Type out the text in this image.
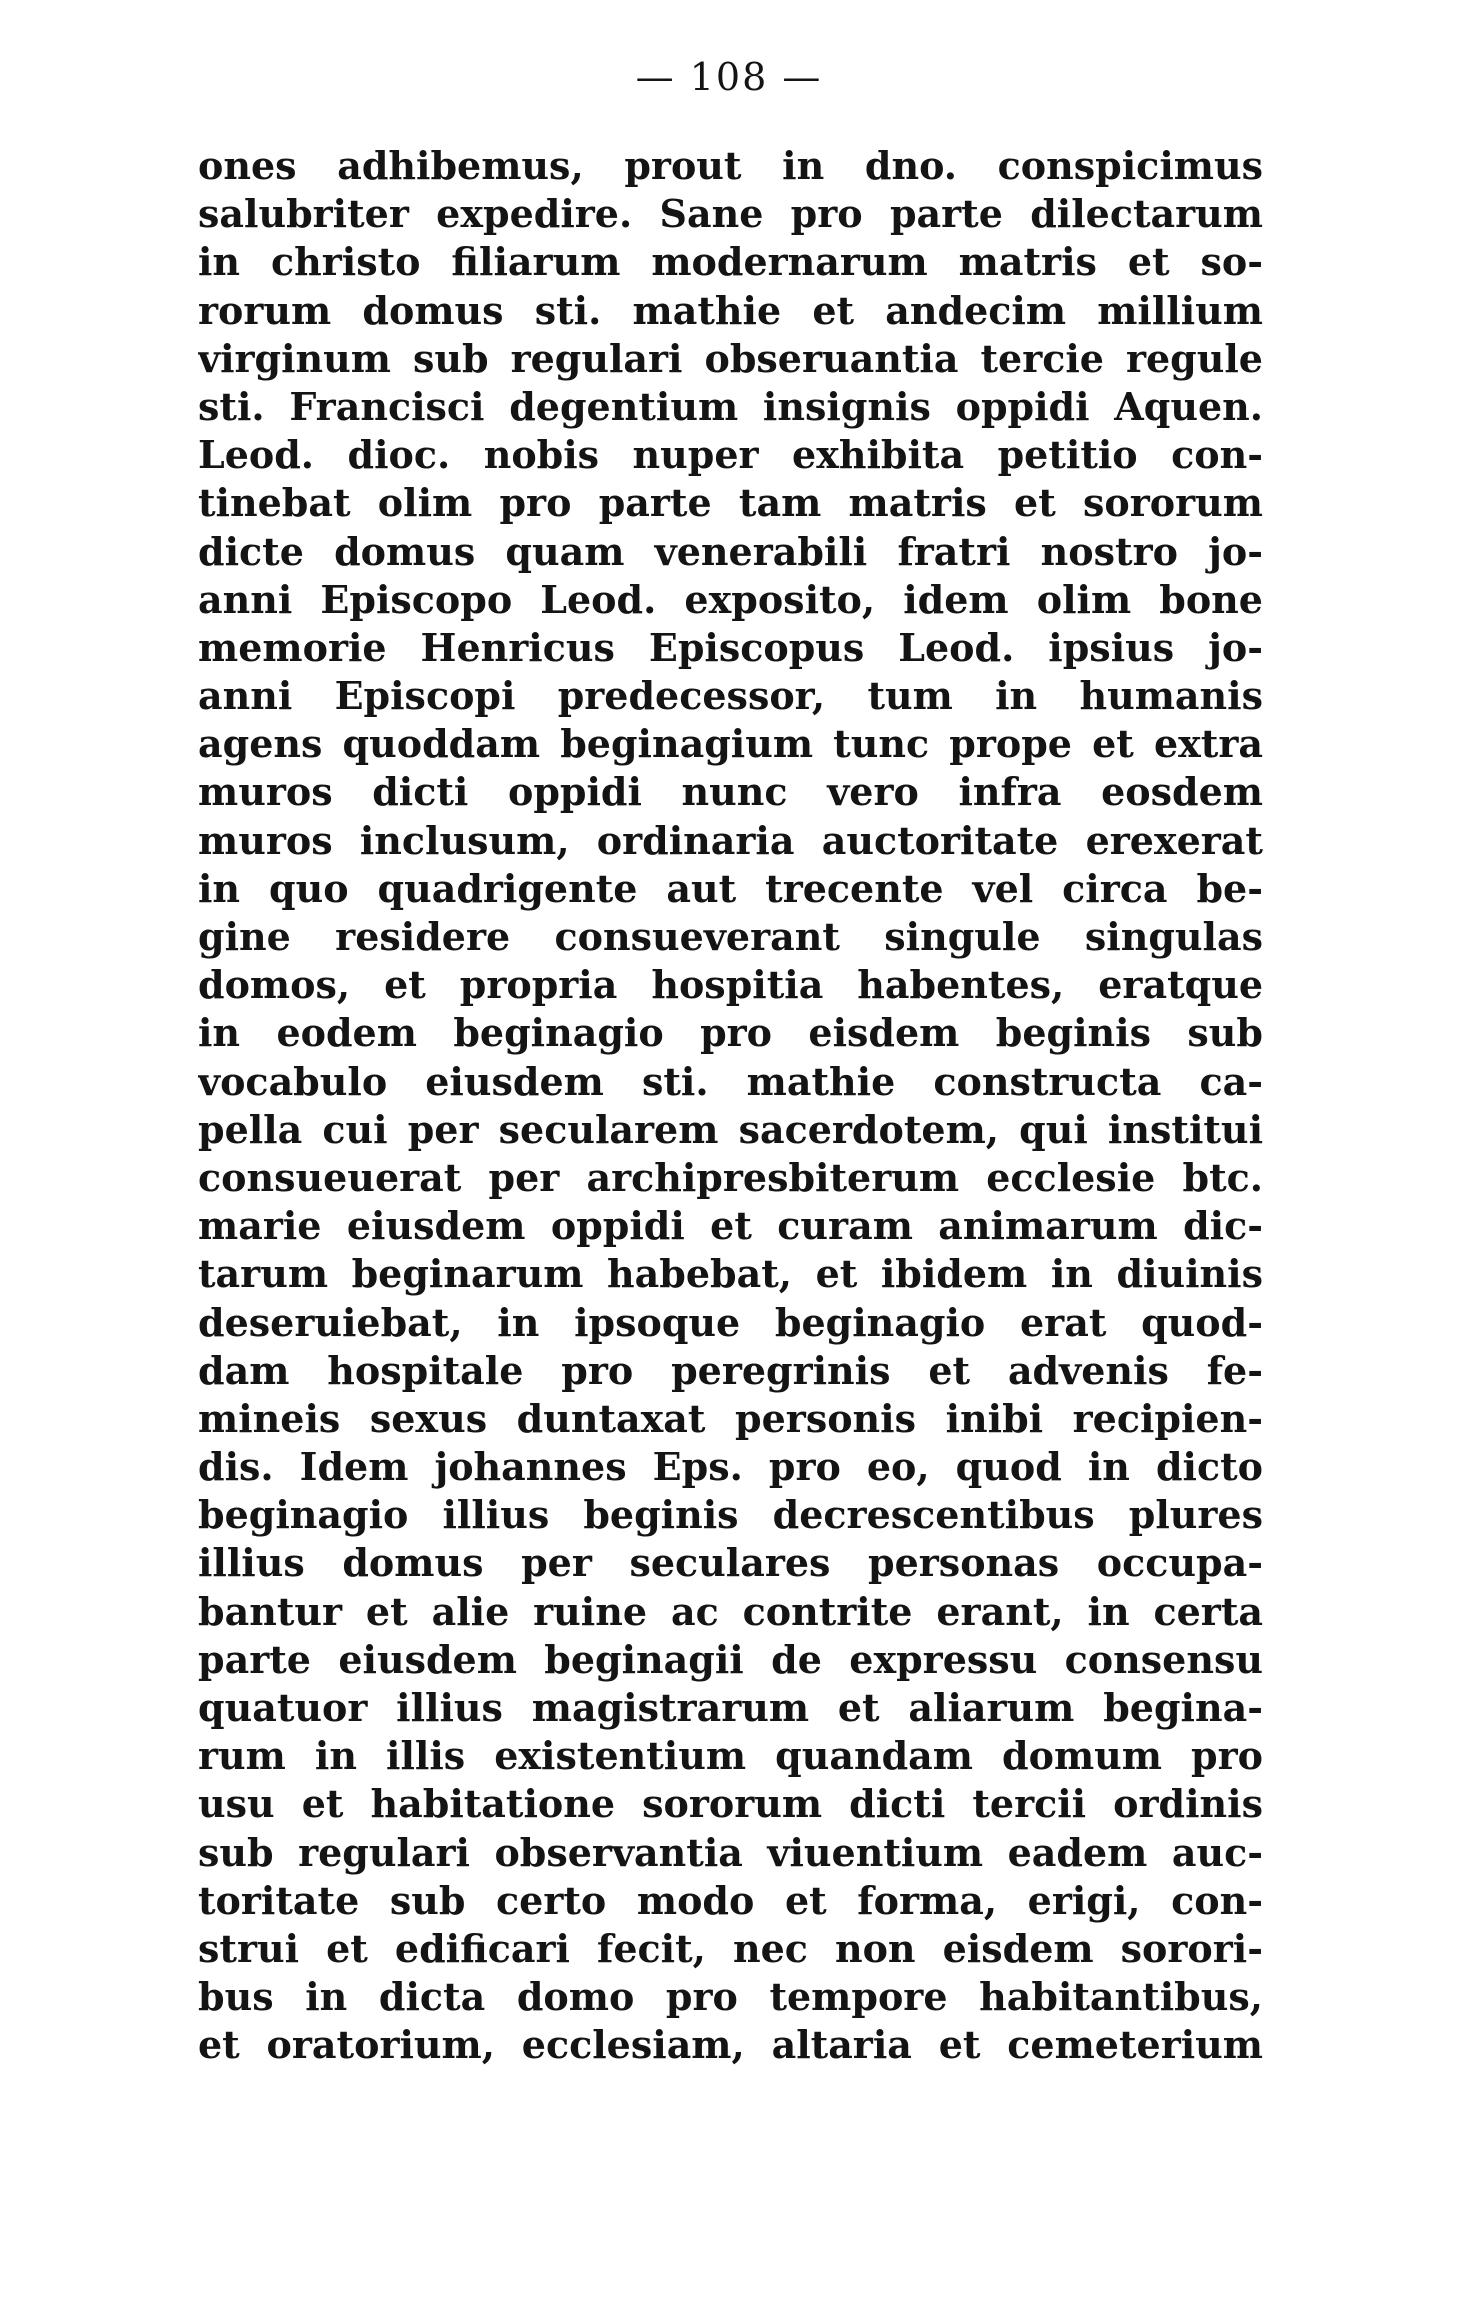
— 108 —
ones adhibemus, prout in dno. conspicimus
salubriter expedire. Sane pro parte dilectarum
in christo filiarum modernarum matris et so-
rorum domus sti. mathie et andecim millium
virginum sub regulari obseruantia tercie regule
sti. Francisci degentium insignis oppidi Aquen.
Leod. dioc. nobis nuper exhibita petitio con-
tinebat olim pro parte tam matris et sororum
dicte domus quam venerabili fratri nostro jo-
anni Episcopo Leod. exposito, idem olim bone
memorie Henricus Episcopus Leod. ipsius jo-
anni Episcopi predecessor, tum in humanis
agens quoddam beginagium tunc prope et extra
muros dicti oppidi nunc vero infra eosdem
muros inclusum, ordinaria auctoritate erexerat
in quo quadrigente aut trecente vel circa be-
gine residere consueverant singule singulas
domos, et propria hospitia habentes, eratque
in eodem beginagio pro eisdem beginis sub
vocabulo eiusdem sti. mathie constructa ca-
pella cui per secularem sacerdotem, qui institui
consueuerat per archipresbiterum ecclesie btc.
marie eiusdem oppidi et curam animarum dic-
tarum beginarum habebat, et ibidem in diuinis
deseruiebat, in ipsoque beginagio erat quod-
dam hospitale pro peregrinis et advenis fe-
mineis sexus duntaxat personis inibi recipien-
dis. Idem johannes Eps. pro eo, quod in dicto
beginagio illius beginis decrescentibus plures
illius domus per seculares personas occupa-
bantur et alie ruine ac contrite erant, in certa
parte eiusdem beginagii de expressu consensu
quatuor illius magistrarum et aliarum begina-
rum in illis existentium quandam domum pro
usu et habitatione sororum dicti tercii ordinis
sub regulari observantia viuentium eadem auc-
toritate sub certo modo et forma, erigi, con-
strui et edificari fecit, nec non eisdem sorori-
bus in dicta domo pro tempore habitantibus,
et oratorium, ecclesiam, altaria et cemeterium
